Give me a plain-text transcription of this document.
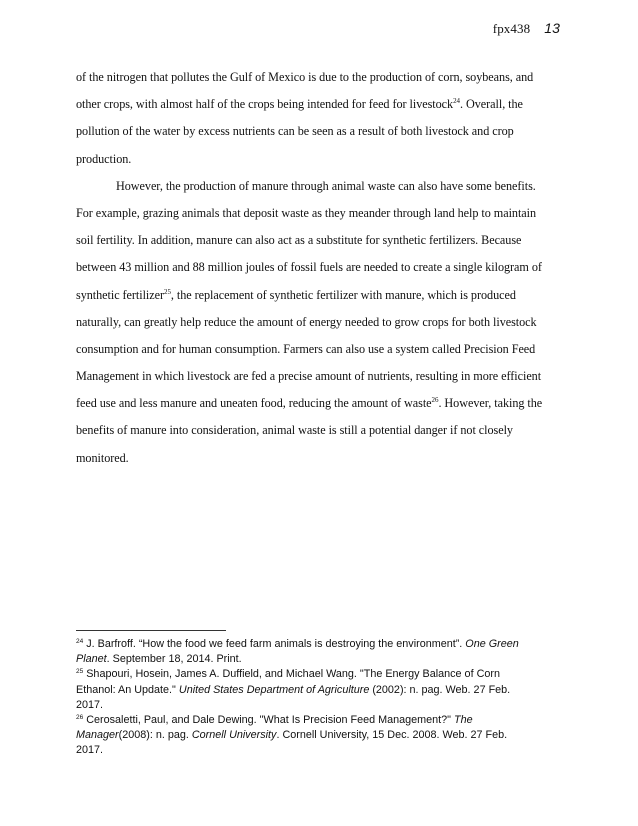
fpx438 13
of the nitrogen that pollutes the Gulf of Mexico is due to the production of corn, soybeans, and
other crops, with almost half of the crops being intended for feed for livestock$^{24}$. Overall, the
pollution of the water by excess nutrients can be seen as a result of both livestock and crop
production.
However, the production of manure through animal waste can also have some benefits.
For example, grazing animals that deposit waste as they meander through land help to maintain
soil fertility. In addition, manure can also act as a substitute for synthetic fertilizers. Because
between 43 million and 88 million joules of fossil fuels are needed to create a single kilogram of
synthetic fertilizer$^{25}$, the replacement of synthetic fertilizer with manure, which is produced
naturally, can greatly help reduce the amount of energy needed to grow crops for both livestock
consumption and for human consumption. Farmers can also use a system called Precision Feed
Management in which livestock are fed a precise amount of nutrients, resulting in more efficient
feed use and less manure and uneaten food, reducing the amount of waste$^{26}$. However, taking the
benefits of manure into consideration, animal waste is still a potential danger if not closely
monitored.
$^{24}$ J. Barfroff. “How the food we feed farm animals is destroying the environment”. One Green
Planet. September 18, 2014. Print.
$^{25}$ Shapouri, Hosein, James A. Duffield, and Michael Wang. "The Energy Balance of Corn
Ethanol: An Update." United States Department of Agriculture (2002): n. pag. Web. 27 Feb.
2017.
$^{26}$ Cerosaletti, Paul, and Dale Dewing. "What Is Precision Feed Management?" The
Manager(2008): n. pag. Cornell University. Cornell University, 15 Dec. 2008. Web. 27 Feb.
2017.
